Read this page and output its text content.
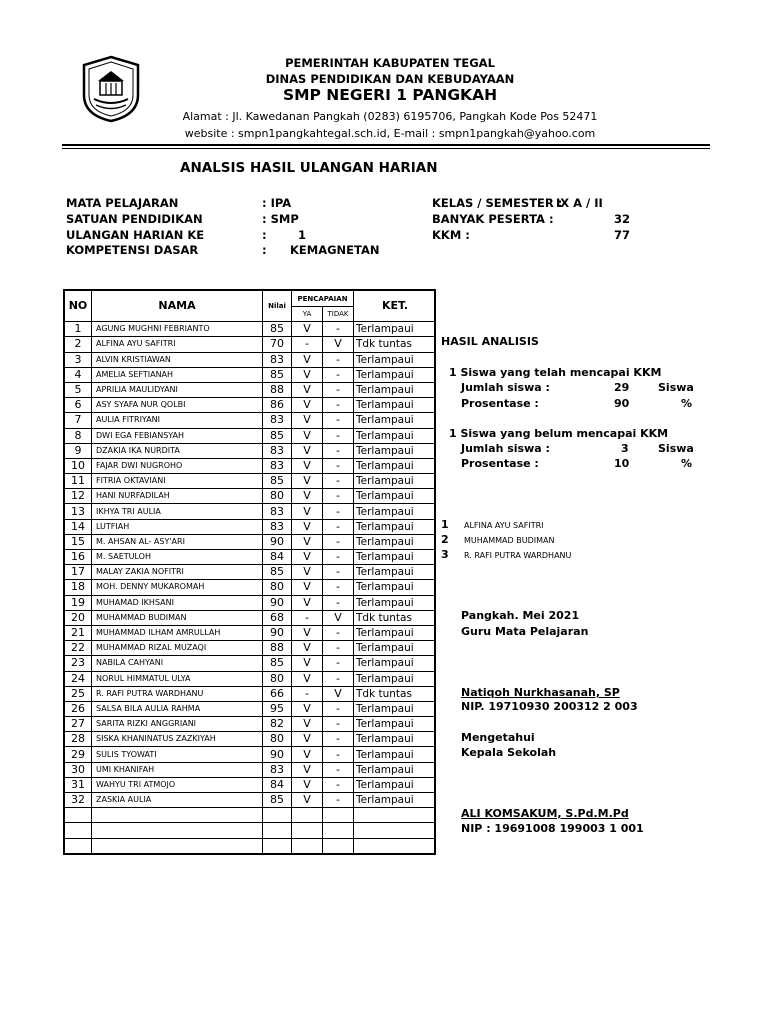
PEMERINTAH KABUPATEN TEGAL
DINAS PENDIDIKAN DAN KEBUDAYAAN
SMP NEGERI 1 PANGKAH
Alamat : Jl. Kawedanan Pangkah (0283) 6195706, Pangkah Kode Pos 52471
website : smpn1pangkahtegal.sch.id, E-mail : smpn1pangkah@yahoo.com
ANALSIS HASIL ULANGAN HARIAN
MATA PELAJARAN	: IPA
SATUAN PENDIDIKAN	: SMP
ULANGAN HARIAN KE	:	1
KOMPETENSI DASAR	: KEMAGNETAN
KELAS / SEMESTER :
IX A / II
BANYAK PESERTA :	32
KKM :	77
NO	NAMA	Nilai	PENCAPAIAN		KET.
			YA	TIDAK	
1	AGUNG MUGHNI FEBRIANTO	85	V	-	Terlampaui
2	ALFINA AYU SAFITRI	70	-	V	Tdk tuntas
3	ALVIN KRISTIAWAN	83	V	-	Terlampaui
4	AMELIA SEFTIANAH	85	V	-	Terlampaui
5	APRILIA MAULIDYANI	88	V	-	Terlampaui
6	ASY SYAFA NUR QOLBI	86	V	-	Terlampaui
7	AULIA FITRIYANI	83	V	-	Terlampaui
8	DWI EGA FEBIANSYAH	85	V	-	Terlampaui
9	DZAKIA IKA NURDITA	83	V	-	Terlampaui
10	FAJAR DWI NUGROHO	83	V	-	Terlampaui
11	FITRIA OKTAVIANI	85	V	-	Terlampaui
12	HANI NURFADILAH	80	V	-	Terlampaui
13	IKHYA TRI AULIA	83	V	-	Terlampaui
14	LUTFIAH	83	V	-	Terlampaui
15	M. AHSAN AL- ASY'ARI	90	V	-	Terlampaui
16	M. SAETULOH	84	V	-	Terlampaui
17	MALAY ZAKIA NOFITRI	85	V	-	Terlampaui
18	MOH. DENNY MUKAROMAH	80	V	-	Terlampaui
19	MUHAMAD IKHSANI	90	V	-	Terlampaui
20	MUHAMMAD BUDIMAN	68	-	V	Tdk tuntas
21	MUHAMMAD ILHAM AMRULLAH	90	V	-	Terlampaui
22	MUHAMMAD RIZAL MUZAQI	88	V	-	Terlampaui
23	NABILA CAHYANI	85	V	-	Terlampaui
24	NORUL HIMMATUL ULYA	80	V	-	Terlampaui
25	R. RAFI PUTRA WARDHANU	66	-	V	Tdk tuntas
26	SALSA BILA AULIA RAHMA	95	V	-	Terlampaui
27	SARITA RIZKI ANGGRIANI	82	V	-	Terlampaui
28	SISKA KHANINATUS ZAZKIYAH	80	V	-	Terlampaui
29	SULIS TYOWATI	90	V	-	Terlampaui
30	UMI KHANIFAH	83	V	-	Terlampaui
31	WAHYU TRI ATMOJO	84	V	-	Terlampaui
32	ZASKIA AULIA	85	V	-	Terlampaui

HASIL ANALISIS
1 Siswa yang telah mencapai KKM
Jumlah siswa :	29	Siswa
Prosentase :	90	%
1 Siswa yang belum mencapai KKM
Jumlah siswa :	3	Siswa
Prosentase :	10	%
1 ALFINA AYU SAFITRI
2 MUHAMMAD BUDIMAN
3 R. RAFI PUTRA WARDHANU
Pangkah. Mei 2021
Guru Mata Pelajaran
Natiqoh Nurkhasanah, SP
NIP. 19710930 200312 2 003
Mengetahui
Kepala Sekolah
ALI KOMSAKUM, S.Pd.M.Pd
NIP : 19691008 199003 1 001
